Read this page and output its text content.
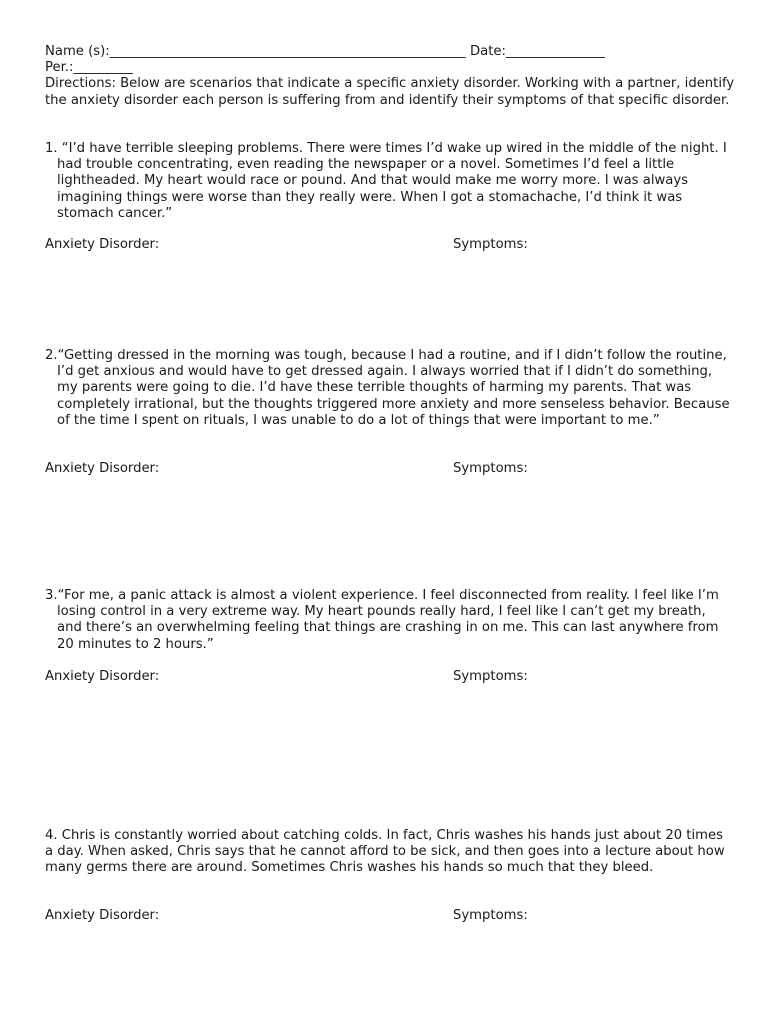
Name (s):______________________________________________________ Date:_______________
Per.:_________

Directions: Below are scenarios that indicate a specific anxiety disorder. Working with a partner, identify the anxiety disorder each person is suffering from and identify their symptoms of that specific disorder.

1. “I’d have terrible sleeping problems. There were times I’d wake up wired in the middle of the night. I had trouble concentrating, even reading the newspaper or a novel. Sometimes I’d feel a little lightheaded. My heart would race or pound. And that would make me worry more. I was always imagining things were worse than they really were. When I got a stomachache, I’d think it was stomach cancer.”

Anxiety Disorder:	Symptoms:

2.“Getting dressed in the morning was tough, because I had a routine, and if I didn’t follow the routine, I’d get anxious and would have to get dressed again. I always worried that if I didn’t do something, my parents were going to die. I’d have these terrible thoughts of harming my parents. That was completely irrational, but the thoughts triggered more anxiety and more senseless behavior. Because of the time I spent on rituals, I was unable to do a lot of things that were important to me.”

Anxiety Disorder:	Symptoms:

3.“For me, a panic attack is almost a violent experience. I feel disconnected from reality. I feel like I’m losing control in a very extreme way. My heart pounds really hard, I feel like I can’t get my breath, and there’s an overwhelming feeling that things are crashing in on me. This can last anywhere from 20 minutes to 2 hours.”

Anxiety Disorder:	Symptoms:

4. Chris is constantly worried about catching colds. In fact, Chris washes his hands just about 20 times a day. When asked, Chris says that he cannot afford to be sick, and then goes into a lecture about how many germs there are around. Sometimes Chris washes his hands so much that they bleed.

Anxiety Disorder:	Symptoms:
